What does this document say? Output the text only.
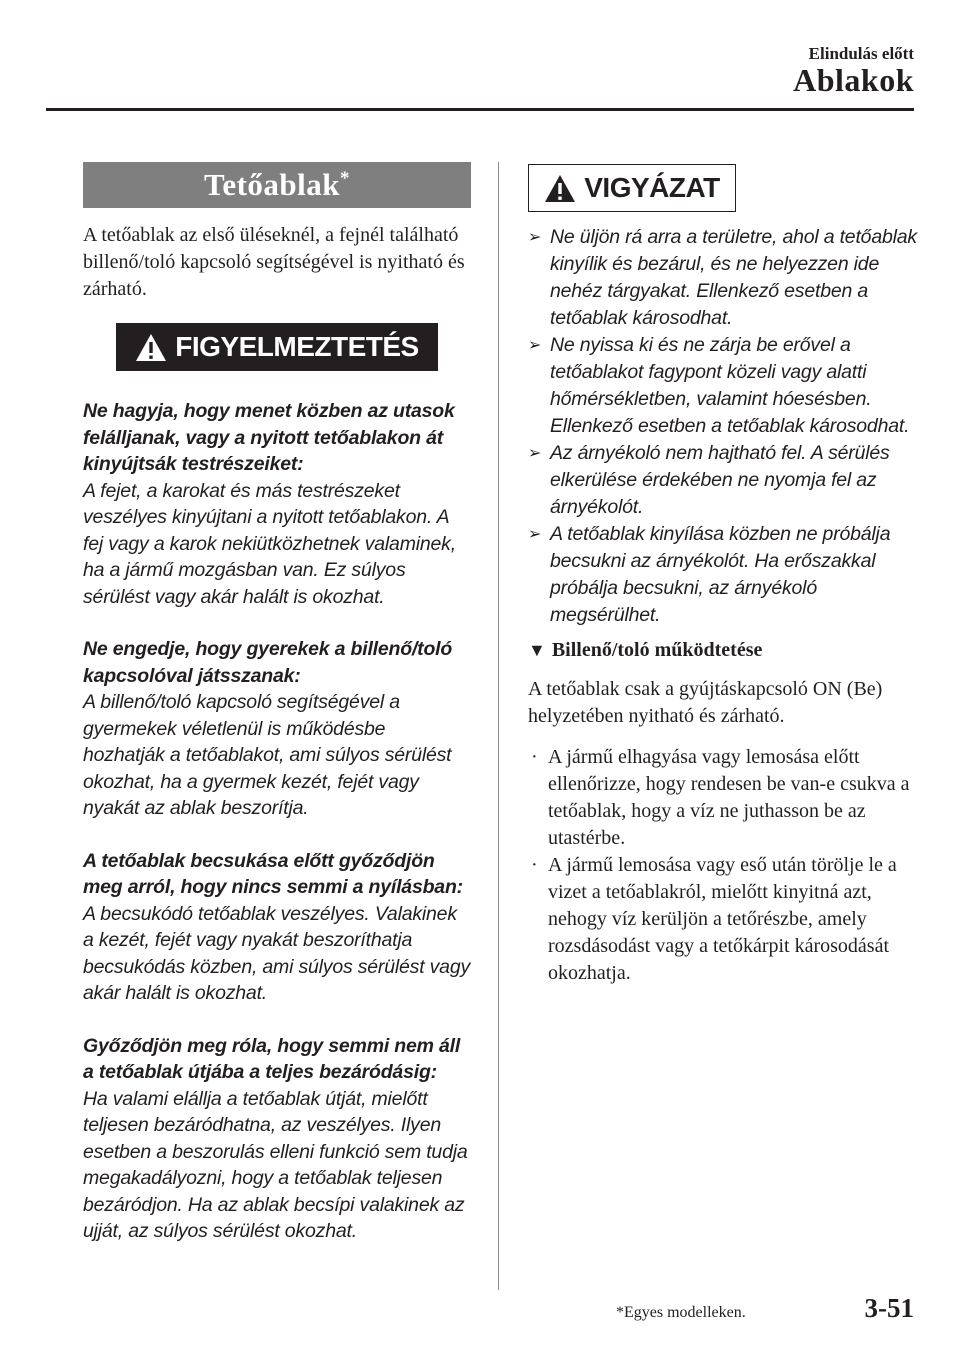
Elindulás előtt
Ablakok
Tetőablak*
A tetőablak az első üléseknél, a fejnél található billenő/toló kapcsoló segítségével is nyitható és zárható.
FIGYELMEZTETÉS
Ne hagyja, hogy menet közben az utasok felálljanak, vagy a nyitott tetőablakon át kinyújtsák testrészeiket:
A fejet, a karokat és más testrészeket veszélyes kinyújtani a nyitott tetőablakon. A fej vagy a karok nekiütközhetnek valaminek, ha a jármű mozgásban van. Ez súlyos sérülést vagy akár halált is okozhat.
Ne engedje, hogy gyerekek a billenő/toló kapcsolóval játsszanak:
A billenő/toló kapcsoló segítségével a gyermekek véletlenül is működésbe hozhatják a tetőablakot, ami súlyos sérülést okozhat, ha a gyermek kezét, fejét vagy nyakát az ablak beszorítja.
A tetőablak becsukása előtt győződjön meg arról, hogy nincs semmi a nyílásban:
A becsukódó tetőablak veszélyes. Valakinek a kezét, fejét vagy nyakát beszoríthatja becsukódás közben, ami súlyos sérülést vagy akár halált is okozhat.
Győződjön meg róla, hogy semmi nem áll a tetőablak útjába a teljes bezáródásig:
Ha valami elállja a tetőablak útját, mielőtt teljesen bezáródhatna, az veszélyes. Ilyen esetben a beszorulás elleni funkció sem tudja megakadályozni, hogy a tetőablak teljesen bezáródjon. Ha az ablak becsípi valakinek az ujját, az súlyos sérülést okozhat.
VIGYÁZAT
➢ Ne üljön rá arra a területre, ahol a tetőablak kinyílik és bezárul, és ne helyezzen ide nehéz tárgyakat. Ellenkező esetben a tetőablak károsodhat.
➢ Ne nyissa ki és ne zárja be erővel a tetőablakot fagypont közeli vagy alatti hőmérsékletben, valamint hóesésben. Ellenkező esetben a tetőablak károsodhat.
➢ Az árnyékoló nem hajtható fel. A sérülés elkerülése érdekében ne nyomja fel az árnyékolót.
➢ A tetőablak kinyílása közben ne próbálja becsukni az árnyékolót. Ha erőszakkal próbálja becsukni, az árnyékoló megsérülhet.
▼ Billenő/toló működtetése
A tetőablak csak a gyújtáskapcsoló ON (Be) helyzetében nyitható és zárható.
· A jármű elhagyása vagy lemosása előtt ellenőrizze, hogy rendesen be van-e csukva a tetőablak, hogy a víz ne juthasson be az utastérbe.
· A jármű lemosása vagy eső után törölje le a vizet a tetőablakról, mielőtt kinyitná azt, nehogy víz kerüljön a tetőrészbe, amely rozsdásodást vagy a tetőkárpit károsodását okozhatja.
*Egyes modelleken.	3-51
